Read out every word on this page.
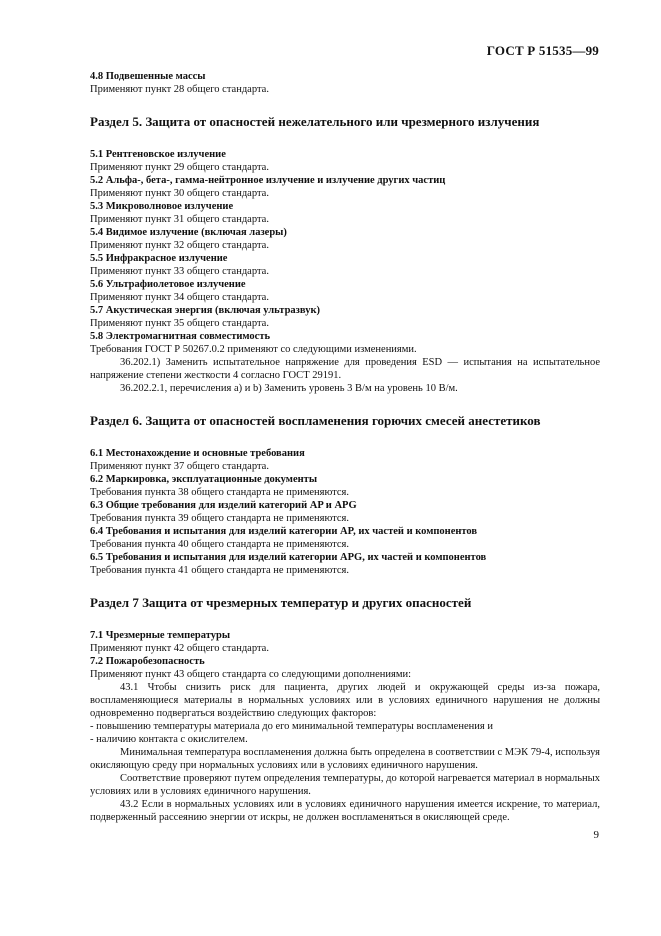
ГОСТ Р 51535—99
4.8 Подвешенные массы
Применяют пункт 28 общего стандарта.
Раздел 5. Защита от опасностей нежелательного или чрезмерного излучения
5.1 Рентгеновское излучение
Применяют пункт 29 общего стандарта.
5.2 Альфа-, бета-, гамма-нейтронное излучение и излучение других частиц
Применяют пункт 30 общего стандарта.
5.3 Микроволновое излучение
Применяют пункт 31 общего стандарта.
5.4 Видимое излучение (включая лазеры)
Применяют пункт 32 общего стандарта.
5.5 Инфракрасное излучение
Применяют пункт 33 общего стандарта.
5.6 Ультрафиолетовое излучение
Применяют пункт 34 общего стандарта.
5.7 Акустическая энергия (включая ультразвук)
Применяют пункт 35 общего стандарта.
5.8 Электромагнитная совместимость
Требования ГОСТ Р 50267.0.2 применяют со следующими изменениями.
36.202.1) Заменить испытательное напряжение для проведения ESD — испытания на испытательное напряжение степени жесткости 4 согласно ГОСТ 29191.
36.202.2.1, перечисления a) и b) Заменить уровень 3 В/м на уровень 10 В/м.
Раздел 6. Защита от опасностей воспламенения горючих смесей анестетиков
6.1 Местонахождение и основные требования
Применяют пункт 37 общего стандарта.
6.2 Маркировка, эксплуатационные документы
Требования пункта 38 общего стандарта не применяются.
6.3 Общие требования для изделий категорий AP и APG
Требования пункта 39 общего стандарта не применяются.
6.4 Требования и испытания для изделий категории AP, их частей и компонентов
Требования пункта 40 общего стандарта не применяются.
6.5 Требования и испытания для изделий категории APG, их частей и компонентов
Требования пункта 41 общего стандарта не применяются.
Раздел 7 Защита от чрезмерных температур и других опасностей
7.1 Чрезмерные температуры
Применяют пункт 42 общего стандарта.
7.2 Пожаробезопасность
Применяют пункт 43 общего стандарта со следующими дополнениями:
43.1 Чтобы снизить риск для пациента, других людей и окружающей среды из-за пожара, воспламеняющиеся материалы в нормальных условиях или в условиях единичного нарушения не должны одновременно подвергаться воздействию следующих факторов:
- повышению температуры материала до его минимальной температуры воспламенения и
- наличию контакта с окислителем.
Минимальная температура воспламенения должна быть определена в соответствии с МЭК 79-4, используя окисляющую среду при нормальных условиях или в условиях единичного нарушения.
Соответствие проверяют путем определения температуры, до которой нагревается материал в нормальных условиях или в условиях единичного нарушения.
43.2 Если в нормальных условиях или в условиях единичного нарушения имеется искрение, то материал, подверженный рассеянию энергии от искры, не должен воспламеняться в окисляющей среде.
9
